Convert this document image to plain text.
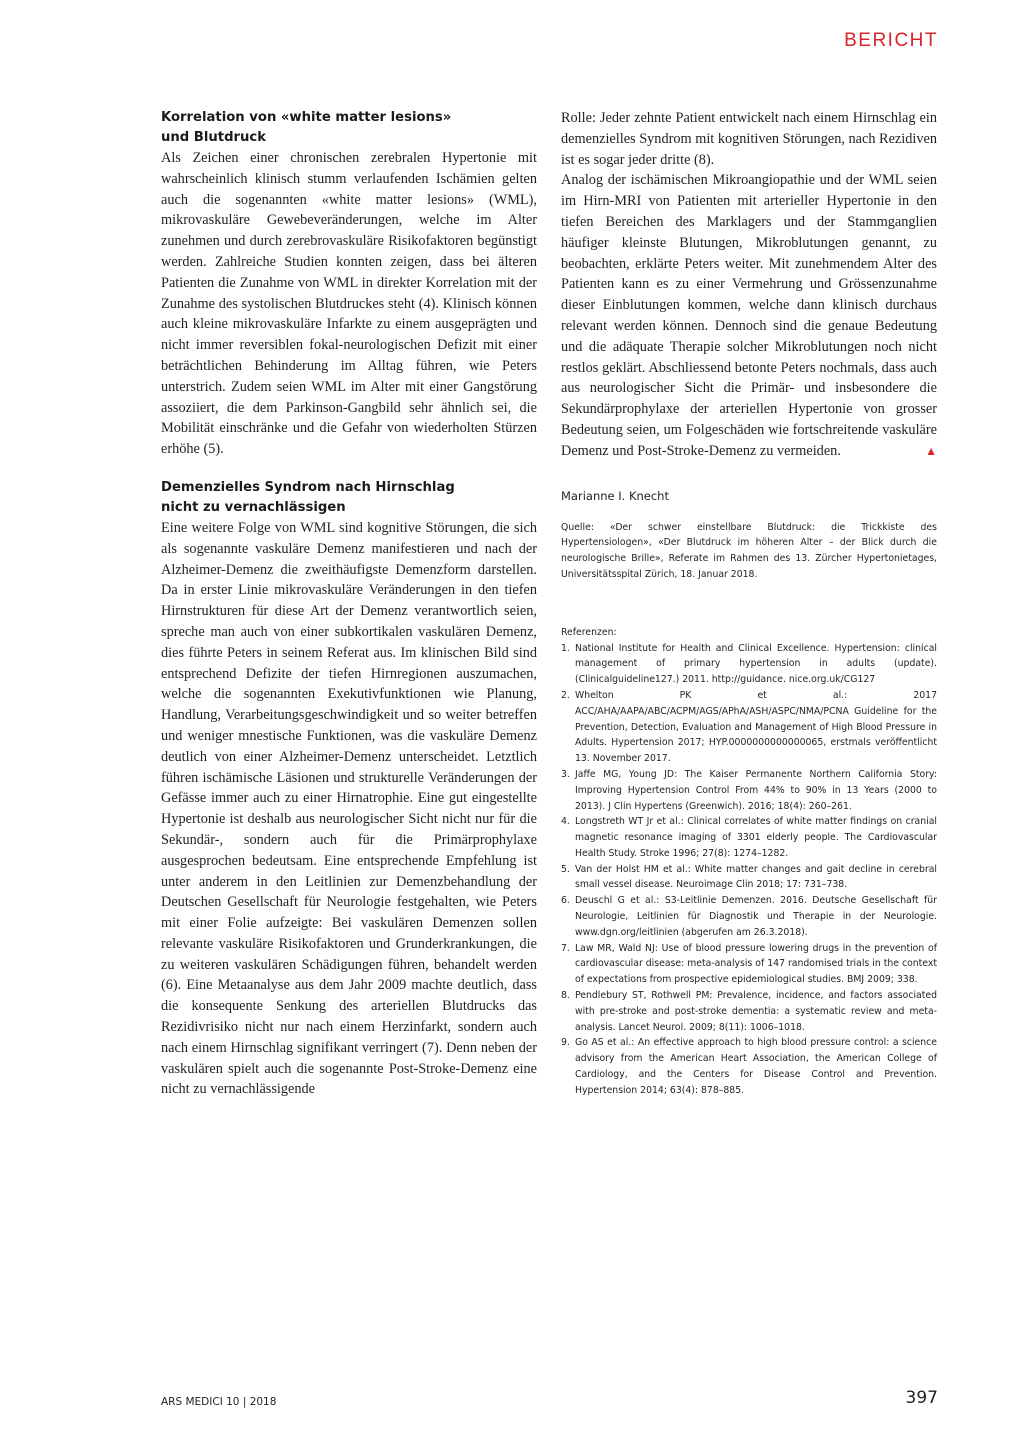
BERICHT
Korrelation von «white matter lesions»
und Blutdruck

Als Zeichen einer chronischen zerebralen Hypertonie mit wahrscheinlich klinisch stumm verlaufenden Ischämien gelten auch die sogenannten «white matter lesions» (WML), mikrovaskuläre Gewebeveränderungen, welche im Alter zunehmen und durch zerebrovaskuläre Risikofaktoren begünstigt werden. Zahlreiche Studien konnten zeigen, dass bei älteren Patienten die Zunahme von WML in direkter Korrelation mit der Zunahme des systolischen Blutdruckes steht (4). Klinisch können auch kleine mikrovaskuläre Infarkte zu einem ausgeprägten und nicht immer reversiblen fokal-neurologischen Defizit mit einer beträchtlichen Behinderung im Alltag führen, wie Peters unterstrich. Zudem seien WML im Alter mit einer Gangstörung assoziiert, die dem Parkinson-Gangbild sehr ähnlich sei, die Mobilität einschränke und die Gefahr von wiederholten Stürzen erhöhe (5).

Demenzielles Syndrom nach Hirnschlag
nicht zu vernachlässigen

Eine weitere Folge von WML sind kognitive Störungen, die sich als sogenannte vaskuläre Demenz manifestieren und nach der Alzheimer-Demenz die zweithäufigste Demenzform darstellen. Da in erster Linie mikrovaskuläre Veränderungen in den tiefen Hirnstrukturen für diese Art der Demenz verantwortlich seien, spreche man auch von einer subkortikalen vaskulären Demenz, dies führte Peters in seinem Referat aus. Im klinischen Bild sind entsprechend Defizite der tiefen Hirnregionen auszumachen, welche die sogenannten Exekutivfunktionen wie Planung, Handlung, Verarbeitungsgeschwindigkeit und so weiter betreffen und weniger mnestische Funktionen, was die vaskuläre Demenz deutlich von einer Alzheimer-Demenz unterscheidet. Letztlich führen ischämische Läsionen und strukturelle Veränderungen der Gefässe immer auch zu einer Hirnatrophie. Eine gut eingestellte Hypertonie ist deshalb aus neurologischer Sicht nicht nur für die Sekundär-, sondern auch für die Primärprophylaxe ausgesprochen bedeutsam. Eine entsprechende Empfehlung ist unter anderem in den Leitlinien zur Demenzbehandlung der Deutschen Gesellschaft für Neurologie festgehalten, wie Peters mit einer Folie aufzeigte: Bei vaskulären Demenzen sollen relevante vaskuläre Risikofaktoren und Grunderkrankungen, die zu weiteren vaskulären Schädigungen führen, behandelt werden (6). Eine Metaanalyse aus dem Jahr 2009 machte deutlich, dass die konsequente Senkung des arteriellen Blutdrucks das Rezidivrisiko nicht nur nach einem Herzinfarkt, sondern auch nach einem Hirnschlag signifikant verringert (7). Denn neben der vaskulären spielt auch die sogenannte Post-Stroke-Demenz eine nicht zu vernachlässigende

Rolle: Jeder zehnte Patient entwickelt nach einem Hirnschlag ein demenzielles Syndrom mit kognitiven Störungen, nach Rezidiven ist es sogar jeder dritte (8).

Analog der ischämischen Mikroangiopathie und der WML seien im Hirn-MRI von Patienten mit arterieller Hypertonie in den tiefen Bereichen des Marklagers und der Stammganglien häufiger kleinste Blutungen, Mikroblutungen genannt, zu beobachten, erklärte Peters weiter. Mit zunehmendem Alter des Patienten kann es zu einer Vermehrung und Grössenzunahme dieser Einblutungen kommen, welche dann klinisch durchaus relevant werden können. Dennoch sind die genaue Bedeutung und die adäquate Therapie solcher Mikroblutungen noch nicht restlos geklärt. Abschliessend betonte Peters nochmals, dass auch aus neurologischer Sicht die Primär- und insbesondere die Sekundärprophylaxe der arteriellen Hypertonie von grosser Bedeutung seien, um Folgeschäden wie fortschreitende vaskuläre Demenz und Post-Stroke-Demenz zu vermeiden.	▲

Marianne I. Knecht

Quelle: «Der schwer einstellbare Blutdruck: die Trickkiste des Hypertensiologen», «Der Blutdruck im höheren Alter – der Blick durch die neurologische Brille», Referate im Rahmen des 13. Zürcher Hypertonietages, Universitätsspital Zürich, 18. Januar 2018.

Referenzen:

1. National Institute for Health and Clinical Excellence. Hypertension: clinical management of primary hypertension in adults (update). (Clinicalguideline127.) 2011. http://guidance. nice.org.uk/CG127
2. Whelton PK et al.: 2017 ACC/AHA/AAPA/ABC/ACPM/AGS/APhA/ASH/ASPC/NMA/PCNA Guideline for the Prevention, Detection, Evaluation and Management of High Blood Pressure in Adults. Hypertension 2017; HYP.0000000000000065, erstmals veröffentlicht 13. November 2017.
3. Jaffe MG, Young JD: The Kaiser Permanente Northern California Story: Improving Hypertension Control From 44% to 90% in 13 Years (2000 to 2013). J Clin Hypertens (Greenwich). 2016; 18(4): 260–261.
4. Longstreth WT Jr et al.: Clinical correlates of white matter findings on cranial magnetic resonance imaging of 3301 elderly people. The Cardiovascular Health Study. Stroke 1996; 27(8): 1274–1282.
5. Van der Holst HM et al.: White matter changes and gait decline in cerebral small vessel disease. Neuroimage Clin 2018; 17: 731–738.
6. Deuschl G et al.: S3-Leitlinie Demenzen. 2016. Deutsche Gesellschaft für Neurologie, Leitlinien für Diagnostik und Therapie in der Neurologie. www.dgn.org/leitlinien (abgerufen am 26.3.2018).
7. Law MR, Wald NJ: Use of blood pressure lowering drugs in the prevention of cardiovascular disease: meta-analysis of 147 randomised trials in the context of expectations from prospective epidemiological studies. BMJ 2009; 338.
8. Pendlebury ST, Rothwell PM: Prevalence, incidence, and factors associated with pre-stroke and post-stroke dementia: a systematic review and meta-analysis. Lancet Neurol. 2009; 8(11): 1006–1018.
9. Go AS et al.: An effective approach to high blood pressure control: a science advisory from the American Heart Association, the American College of Cardiology, and the Centers for Disease Control and Prevention. Hypertension 2014; 63(4): 878–885.
ARS MEDICI 10 | 2018	397
